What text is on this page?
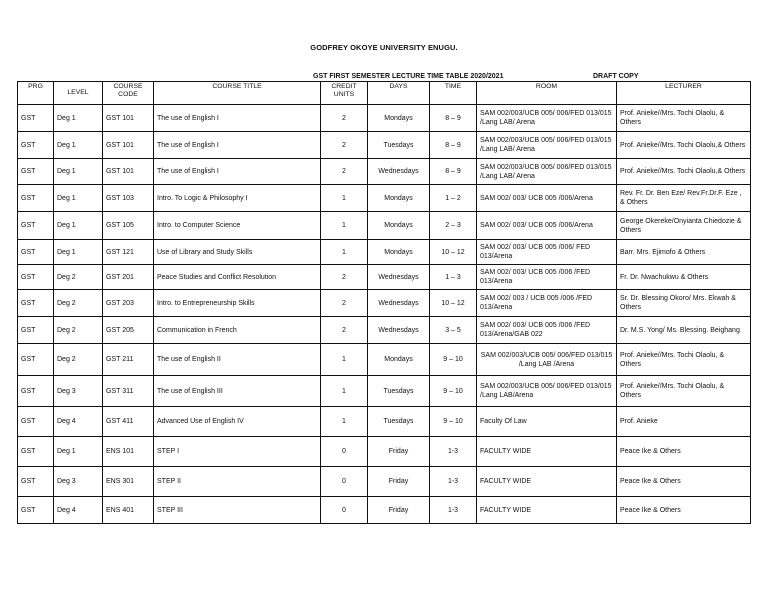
GODFREY OKOYE UNIVERSITY ENUGU.
GST FIRST SEMESTER LECTURE TIME TABLE 2020/2021	DRAFT COPY
PRG	LEVEL	COURSE CODE	COURSE TITLE	CREDIT UNITS	DAYS	TIME	ROOM	LECTURER
GST	Deg 1	GST 101	The use of English I	2	Mondays	8 – 9	SAM 002/003/UCB 005/ 006/FED 013/015 /Lang LAB/ Arena	Prof. Anieke//Mrs. Tochi Olaolu, & Others
GST	Deg 1	GST 101	The use of English I	2	Tuesdays	8 – 9	SAM 002/003/UCB 005/ 006/FED 013/015 /Lang LAB/ Arena	Prof. Anieke//Mrs. Tochi Olaolu,& Others
GST	Deg 1	GST 101	The use of English I	2	Wednesdays	8 – 9	SAM 002/003/UCB 005/ 006/FED 013/015 /Lang LAB/ Arena	Prof. Anieke//Mrs. Tochi Olaolu,& Others
GST	Deg 1	GST 103	Intro. To Logic & Philosophy I	1	Mondays	1 – 2	SAM 002/ 003/ UCB 005 /006/Arena	Rev. Fr. Dr. Ben Eze/ Rev.Fr.Dr.F. Eze , & Others
GST	Deg 1	GST 105	Intro. to Computer Science	1	Mondays	2 – 3	SAM 002/ 003/ UCB 005 /006/Arena	George Okereke/Onyianta Chiedozie & Others
GST	Deg 1	GST 121	Use of Library and Study Skills	1	Mondays	10 – 12	SAM 002/ 003/ UCB 005 /006/ FED 013/Arena	Barr. Mrs. Ejimofo & Others
GST	Deg 2	GST 201	Peace Studies and Conflict Resolution	2	Wednesdays	1 – 3	SAM 002/ 003/ UCB 005 /006 /FED 013/Arena	Fr. Dr. Nwachukwu & Others
GST	Deg 2	GST 203	Intro. to Entrepreneurship Skills	2	Wednesdays	10 – 12	SAM 002/ 003 / UCB 005 /006 /FED 013/Arena	Sr. Dr. Blessing Okoro/ Mrs. Ekwah & Others
GST	Deg 2	GST 205	Communication in French	2	Wednesdays	3 – 5	SAM 002/ 003/ UCB 005 /006 /FED 013/Arena/GAB 022	Dr. M.S. Yong/ Ms. Blessing. Beighang
GST	Deg 2	GST 211	The use of English II	1	Mondays	9 – 10	SAM 002/003/UCB 005/ 006/FED 013/015 /Lang LAB /Arena	Prof. Anieke//Mrs. Tochi Olaolu, & Others
GST	Deg 3	GST 311	The use of English III	1	Tuesdays	9 – 10	SAM 002/003/UCB 005/ 006/FED 013/015 /Lang LAB/Arena	Prof. Anieke//Mrs. Tochi Olaolu, & Others
GST	Deg 4	GST 411	Advanced Use of English IV	1	Tuesdays	9 – 10	Faculty Of Law	Prof. Anieke
GST	Deg 1	ENS 101	STEP I	0	Friday	1-3	FACULTY WIDE	Peace Ike & Others
GST	Deg 3	ENS 301	STEP II	0	Friday	1-3	FACULTY WIDE	Peace Ike & Others
GST	Deg 4	ENS 401	STEP III	0	Friday	1-3	FACULTY WIDE	Peace Ike & Others
